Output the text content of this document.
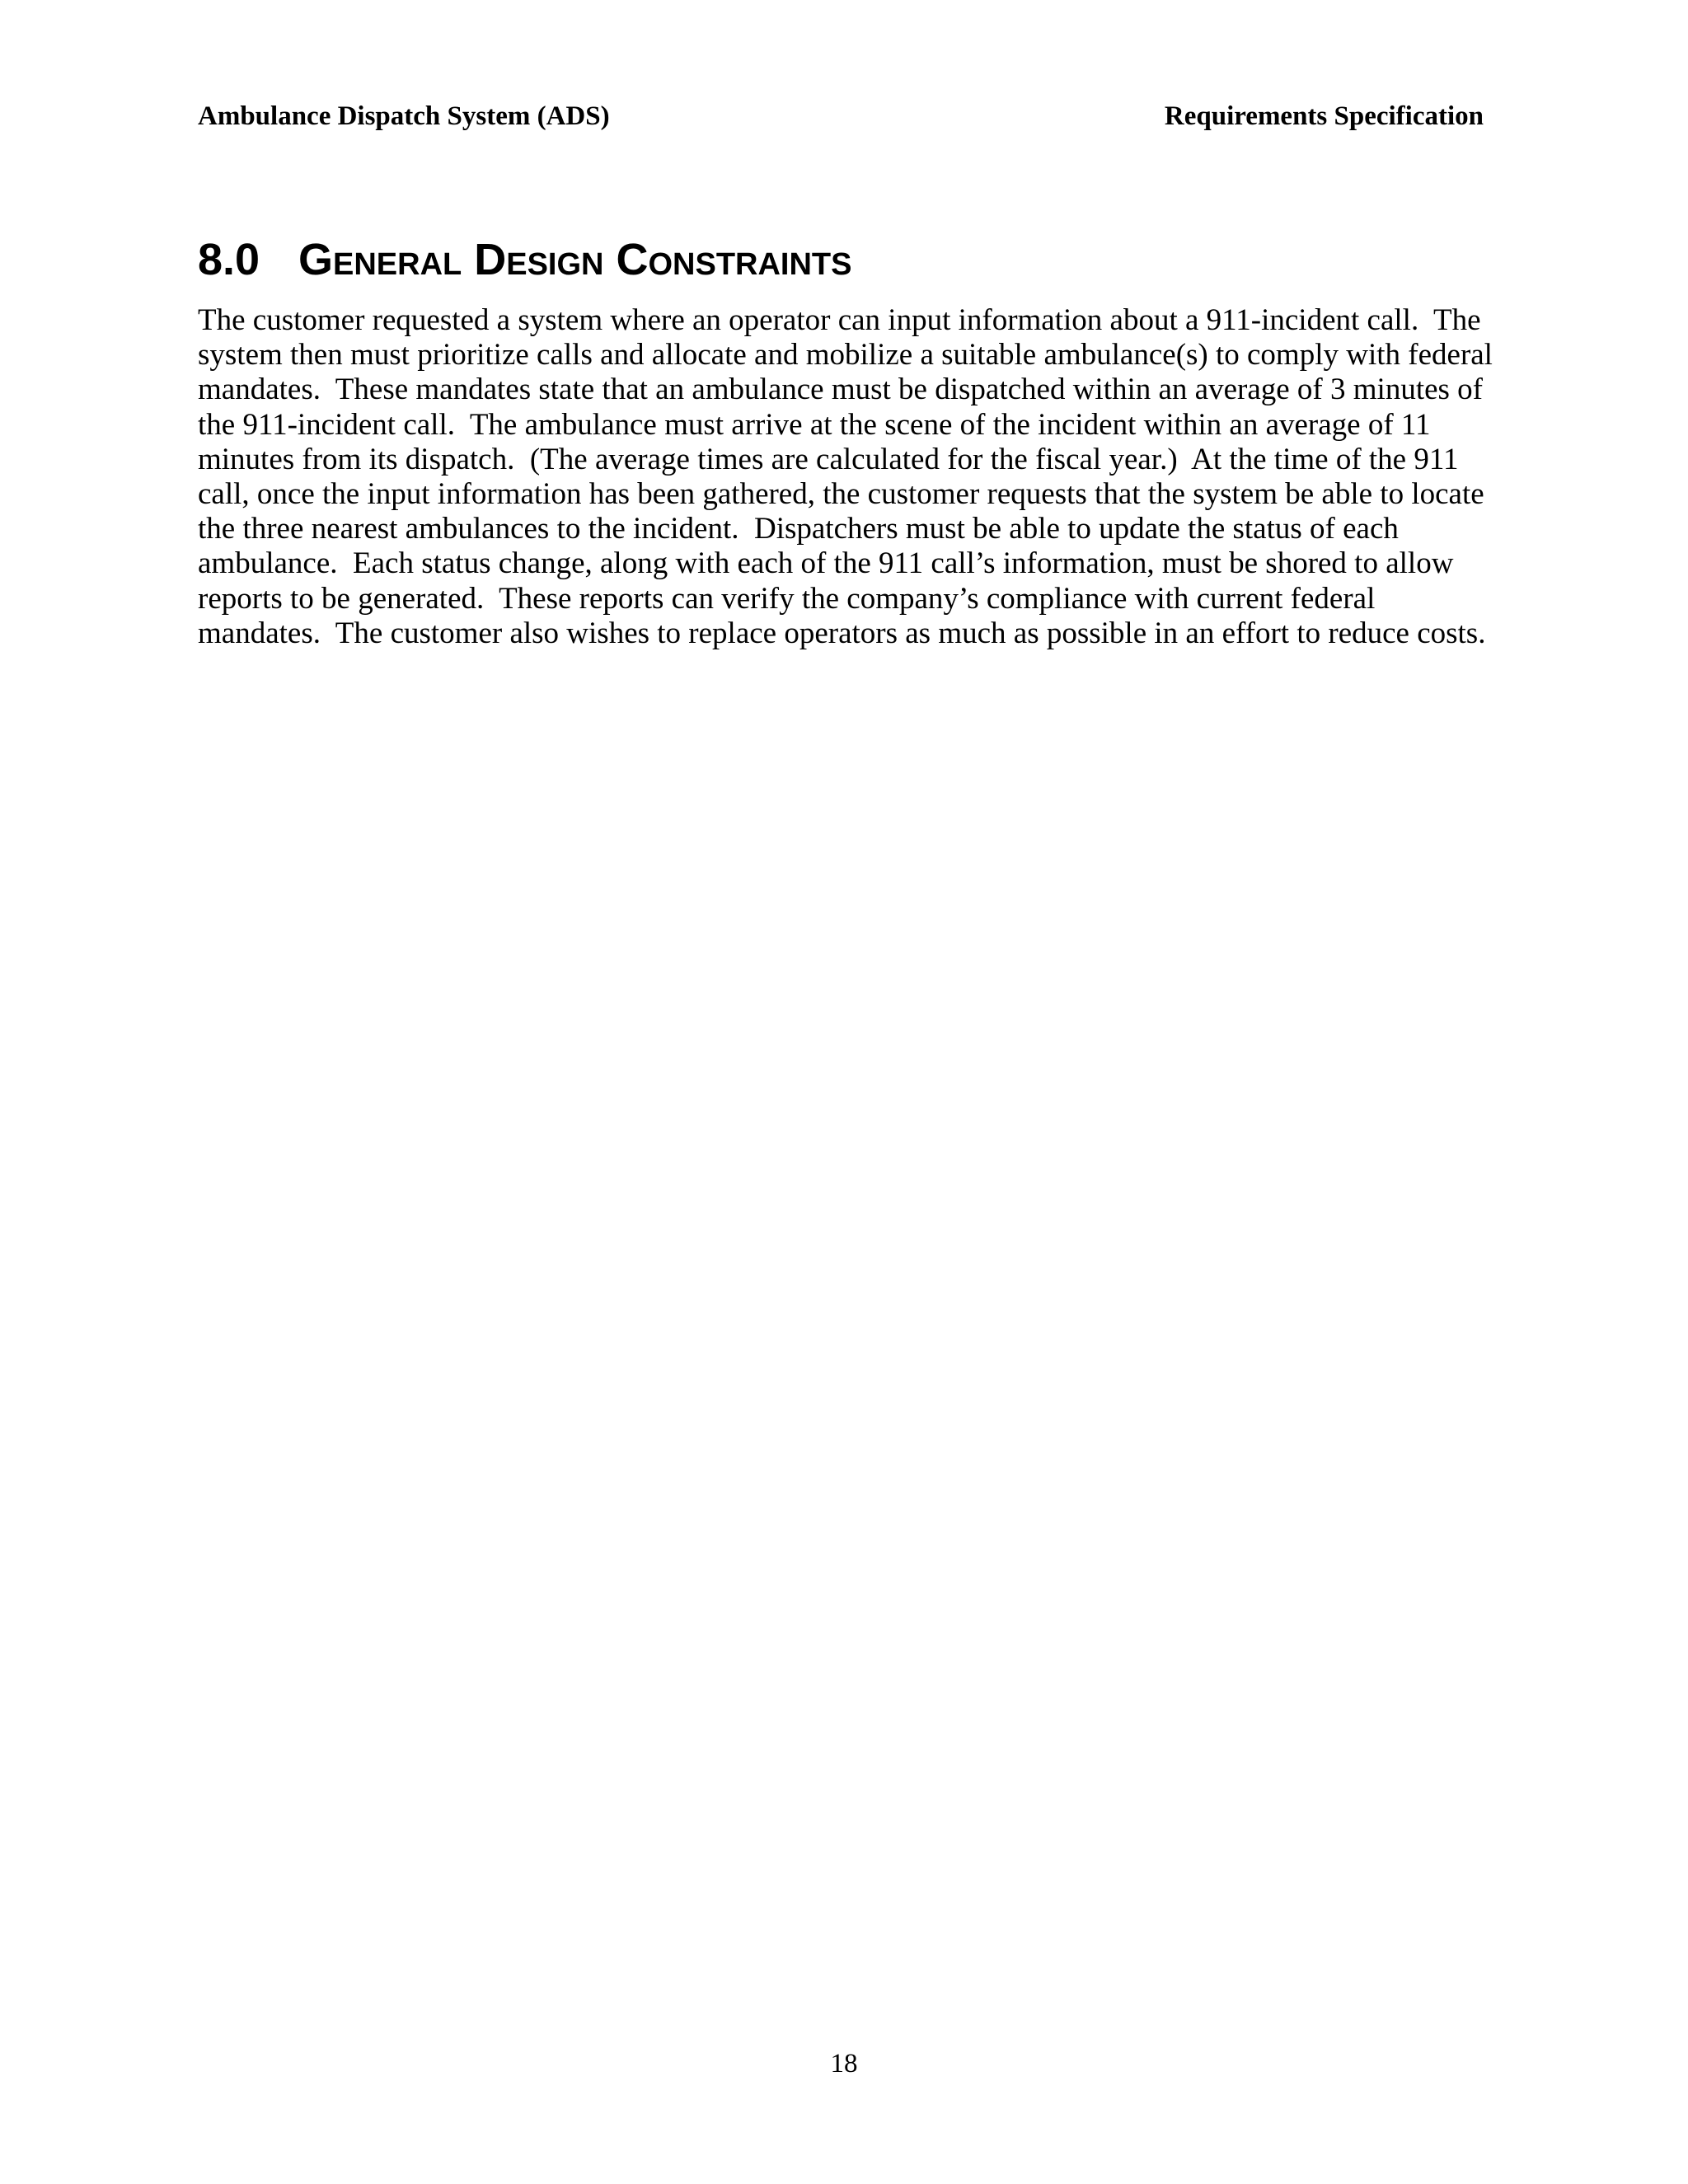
Ambulance Dispatch System (ADS)	Requirements Specification
8.0 General Design Constraints
The customer requested a system where an operator can input information about a 911-incident call.  The
system then must prioritize calls and allocate and mobilize a suitable ambulance(s) to comply with federal
mandates.  These mandates state that an ambulance must be dispatched within an average of 3 minutes of
the 911-incident call.  The ambulance must arrive at the scene of the incident within an average of 11
minutes from its dispatch.  (The average times are calculated for the fiscal year.)  At the time of the 911
call, once the input information has been gathered, the customer requests that the system be able to locate
the three nearest ambulances to the incident.  Dispatchers must be able to update the status of each
ambulance.  Each status change, along with each of the 911 call’s information, must be shored to allow
reports to be generated.  These reports can verify the company’s compliance with current federal
mandates.  The customer also wishes to replace operators as much as possible in an effort to reduce costs.
18
